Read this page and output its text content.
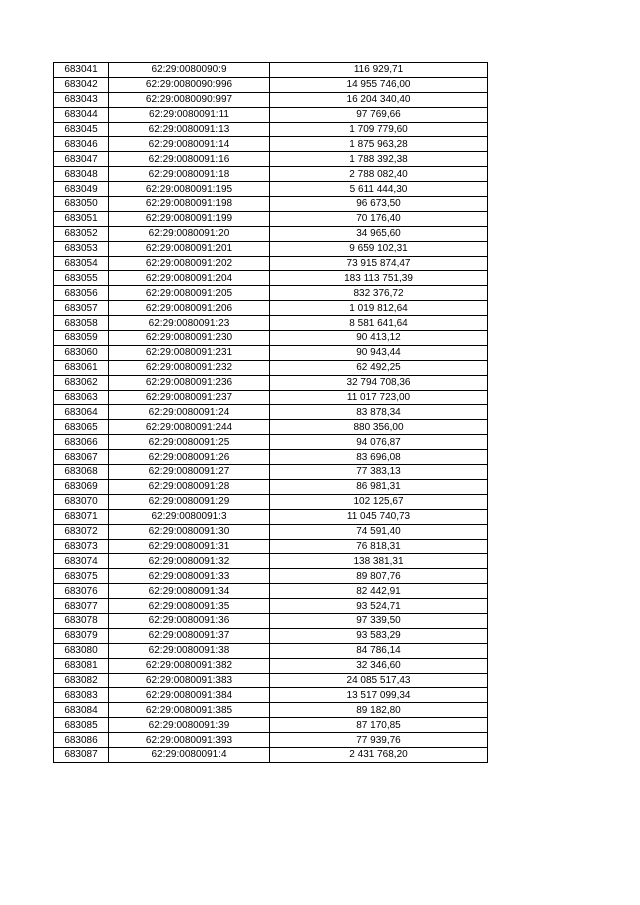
683041	62:29:0080090:9	116 929,71
683042	62:29:0080090:996	14 955 746,00
683043	62:29:0080090:997	16 204 340,40
683044	62:29:0080091:11	97 769,66
683045	62:29:0080091:13	1 709 779,60
683046	62:29:0080091:14	1 875 963,28
683047	62:29:0080091:16	1 788 392,38
683048	62:29:0080091:18	2 788 082,40
683049	62:29:0080091:195	5 611 444,30
683050	62:29:0080091:198	96 673,50
683051	62:29:0080091:199	70 176,40
683052	62:29:0080091:20	34 965,60
683053	62:29:0080091:201	9 659 102,31
683054	62:29:0080091:202	73 915 874,47
683055	62:29:0080091:204	183 113 751,39
683056	62:29:0080091:205	832 376,72
683057	62:29:0080091:206	1 019 812,64
683058	62:29:0080091:23	8 581 641,64
683059	62:29:0080091:230	90 413,12
683060	62:29:0080091:231	90 943,44
683061	62:29:0080091:232	62 492,25
683062	62:29:0080091:236	32 794 708,36
683063	62:29:0080091:237	11 017 723,00
683064	62:29:0080091:24	83 878,34
683065	62:29:0080091:244	880 356,00
683066	62:29:0080091:25	94 076,87
683067	62:29:0080091:26	83 696,08
683068	62:29:0080091:27	77 383,13
683069	62:29:0080091:28	86 981,31
683070	62:29:0080091:29	102 125,67
683071	62:29:0080091:3	11 045 740,73
683072	62:29:0080091:30	74 591,40
683073	62:29:0080091:31	76 818,31
683074	62:29:0080091:32	138 381,31
683075	62:29:0080091:33	89 807,76
683076	62:29:0080091:34	82 442,91
683077	62:29:0080091:35	93 524,71
683078	62:29:0080091:36	97 339,50
683079	62:29:0080091:37	93 583,29
683080	62:29:0080091:38	84 786,14
683081	62:29:0080091:382	32 346,60
683082	62:29:0080091:383	24 085 517,43
683083	62:29:0080091:384	13 517 099,34
683084	62:29:0080091:385	89 182,80
683085	62:29:0080091:39	87 170,85
683086	62:29:0080091:393	77 939,76
683087	62:29:0080091:4	2 431 768,20
